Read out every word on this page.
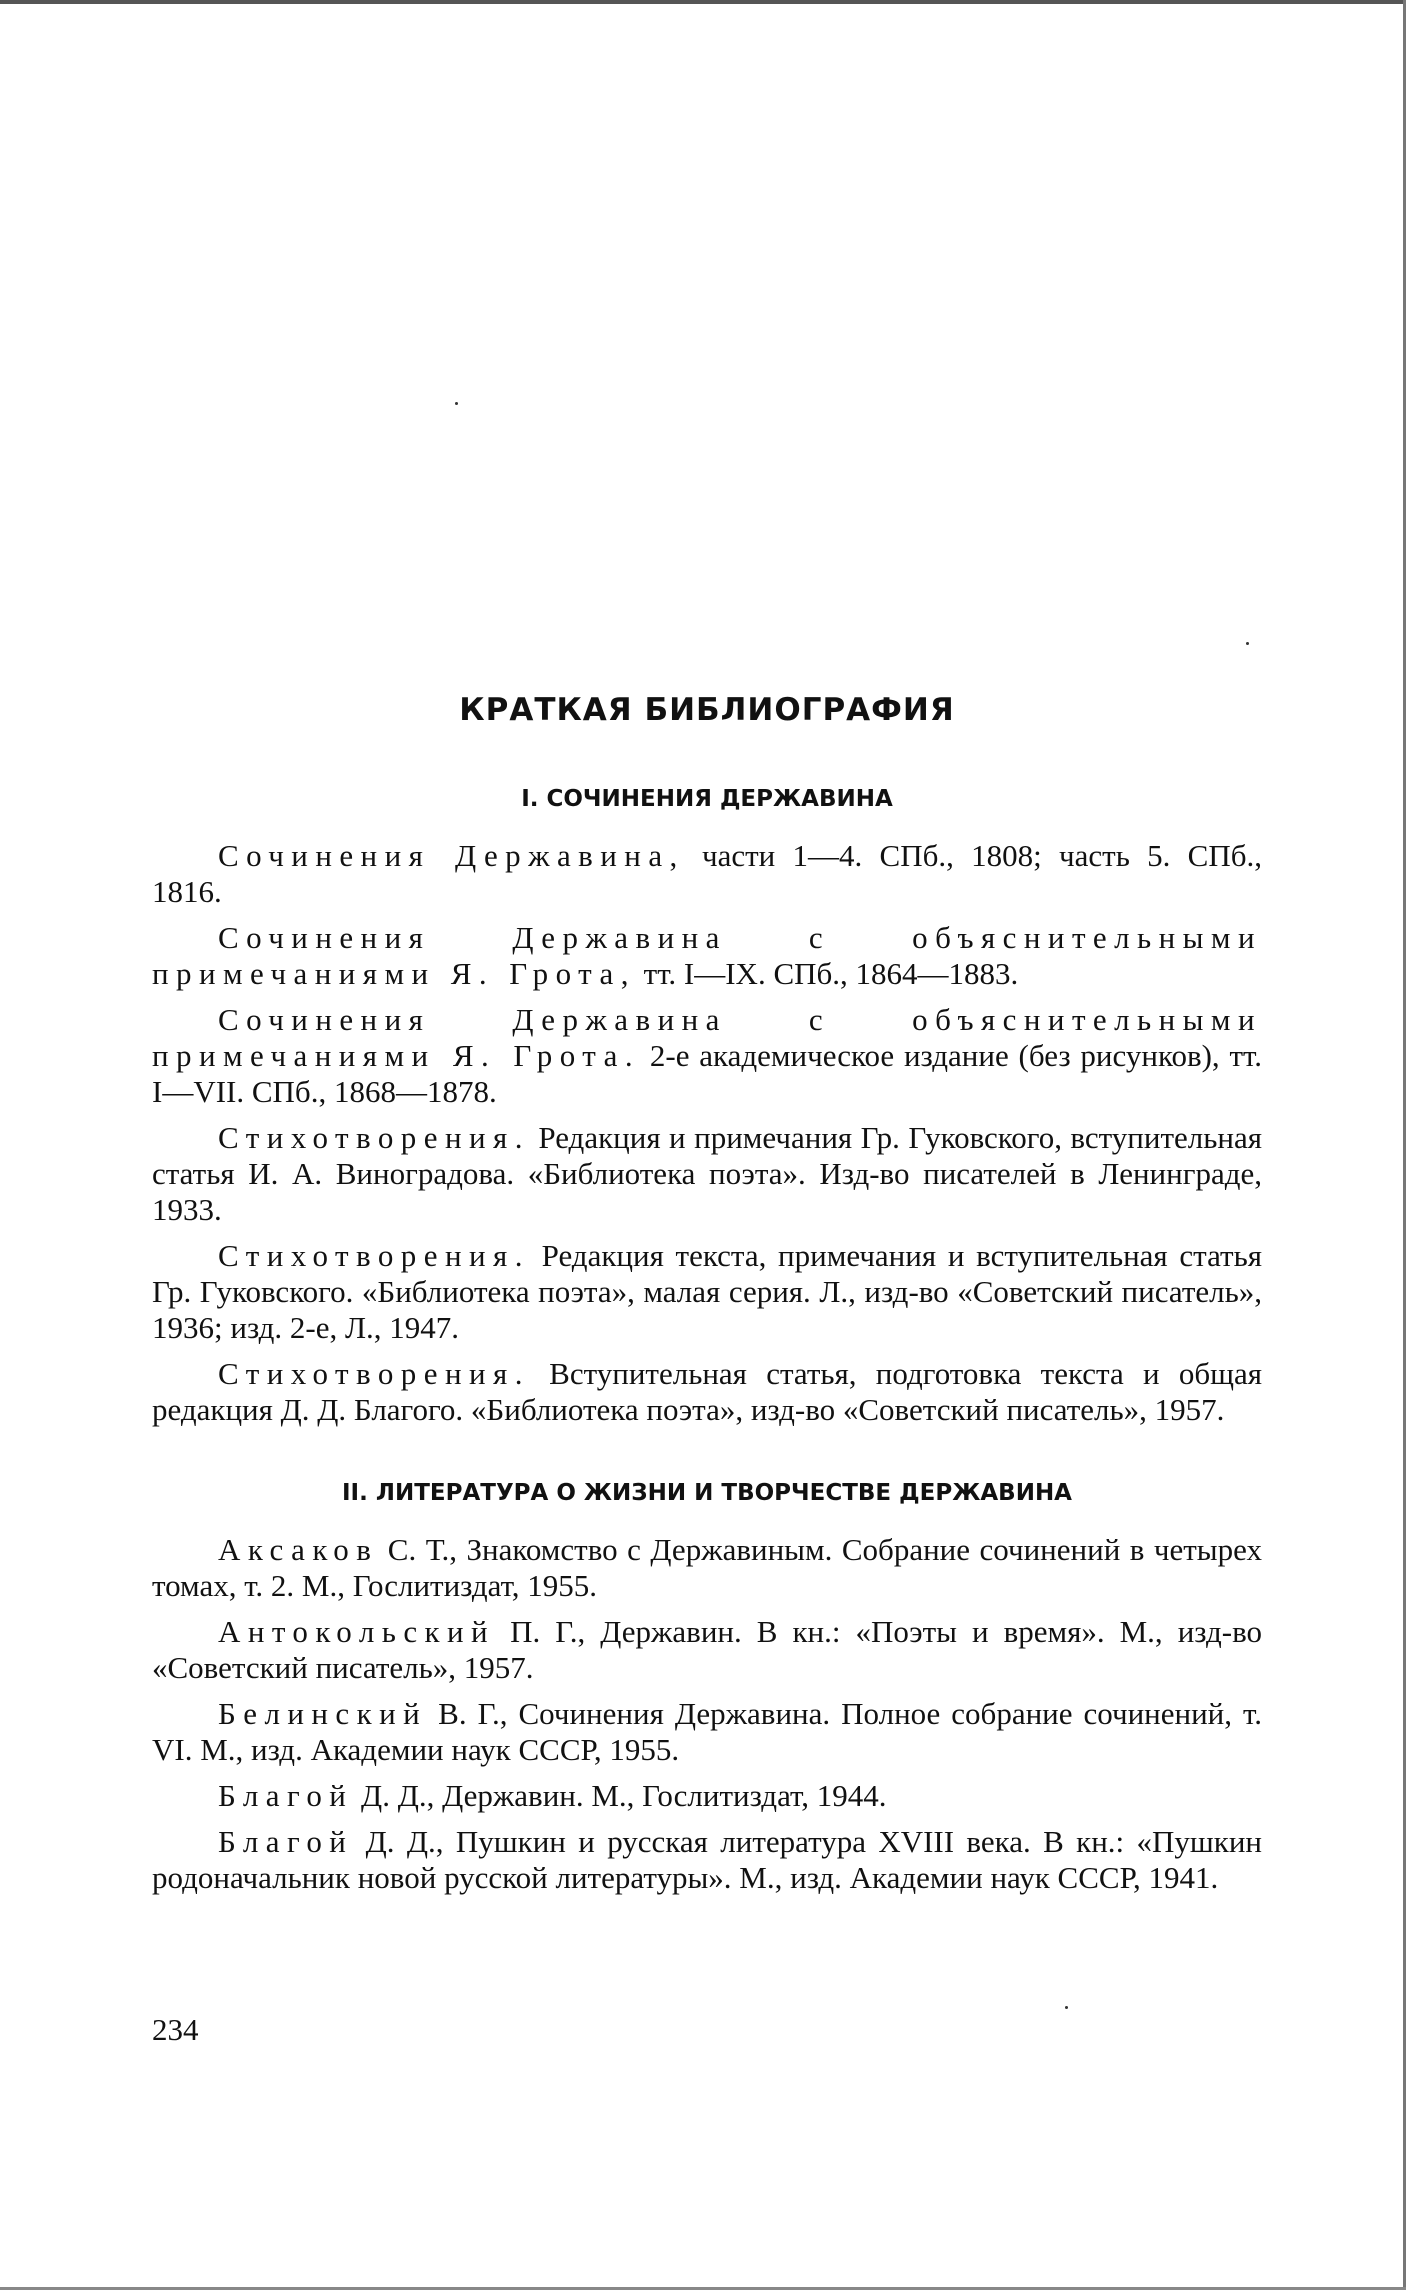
КРАТКАЯ БИБЛИОГРАФИЯ
I. СОЧИНЕНИЯ ДЕРЖАВИНА

Сочинения Державина, части 1—4. СПб., 1808; часть 5. СПб., 1816.

Сочинения Державина с объяснительными примечаниями Я. Грота, тт. I—IX. СПб., 1864—1883.

Сочинения Державина с объяснительными примечаниями Я. Грота. 2-е академическое издание (без рисунков), тт. I—VII. СПб., 1868—1878.

Стихотворения. Редакция и примечания Гр. Гуковского, вступительная статья И. А. Виноградова. «Библиотека поэта». Изд-во писателей в Ленинграде, 1933.

Стихотворения. Редакция текста, примечания и вступительная статья Гр. Гуковского. «Библиотека поэта», малая серия. Л., изд-во «Советский писатель», 1936; изд. 2-е, Л., 1947.

Стихотворения. Вступительная статья, подготовка текста и общая редакция Д. Д. Благого. «Библиотека поэта», изд-во «Советский писатель», 1957.

II. ЛИТЕРАТУРА О ЖИЗНИ И ТВОРЧЕСТВЕ ДЕРЖАВИНА

Аксаков С. Т., Знакомство с Державиным. Собрание сочинений в четырех томах, т. 2. М., Гослитиздат, 1955.

Антокольский П. Г., Державин. В кн.: «Поэты и время». М., изд-во «Советский писатель», 1957.

Белинский В. Г., Сочинения Державина. Полное собрание сочинений, т. VI. М., изд. Академии наук СССР, 1955.

Благой Д. Д., Державин. М., Гослитиздат, 1944.

Благой Д. Д., Пушкин и русская литература XVIII века. В кн.: «Пушкин родоначальник новой русской литературы». М., изд. Академии наук СССР, 1941.

234
